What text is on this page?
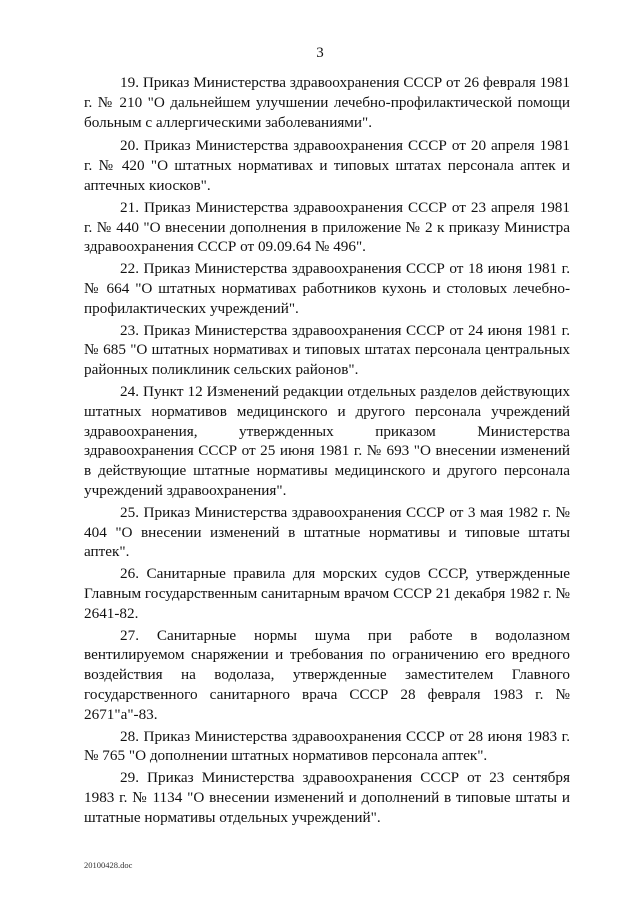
3

19. Приказ Министерства здравоохранения СССР от 26 февраля 1981 г. № 210 "О дальнейшем улучшении лечебно-профилактической помощи больным с аллергическими заболеваниями".

20. Приказ Министерства здравоохранения СССР от 20 апреля 1981 г. № 420 "О штатных нормативах и типовых штатах персонала аптек и аптечных киосков".

21. Приказ Министерства здравоохранения СССР от 23 апреля 1981 г. № 440 "О внесении дополнения в приложение № 2 к приказу Министра здравоохранения СССР от 09.09.64 № 496".

22. Приказ Министерства здравоохранения СССР от 18 июня 1981 г. № 664 "О штатных нормативах работников кухонь и столовых лечебно-профилактических учреждений".

23. Приказ Министерства здравоохранения СССР от 24 июня 1981 г. № 685 "О штатных нормативах и типовых штатах персонала центральных районных поликлиник сельских районов".

24. Пункт 12 Изменений редакции отдельных разделов действующих штатных нормативов медицинского и другого персонала учреждений здравоохранения, утвержденных приказом Министерства здравоохранения СССР от 25 июня 1981 г. № 693 "О внесении изменений в действующие штатные нормативы медицинского и другого персонала учреждений здравоохранения".

25. Приказ Министерства здравоохранения СССР от 3 мая 1982 г. № 404 "О внесении изменений в штатные нормативы и типовые штаты аптек".

26. Санитарные правила для морских судов СССР, утвержденные Главным государственным санитарным врачом СССР 21 декабря 1982 г. № 2641-82.

27. Санитарные нормы шума при работе в водолазном вентилируемом снаряжении и требования по ограничению его вредного воздействия на водолаза, утвержденные заместителем Главного государственного санитарного врача СССР 28 февраля 1983 г. № 2671"а"-83.

28. Приказ Министерства здравоохранения СССР от 28 июня 1983 г. № 765 "О дополнении штатных нормативов персонала аптек".

29. Приказ Министерства здравоохранения СССР от 23 сентября 1983 г. № 1134 "О внесении изменений и дополнений в типовые штаты и штатные нормативы отдельных учреждений".

20100428.doc
